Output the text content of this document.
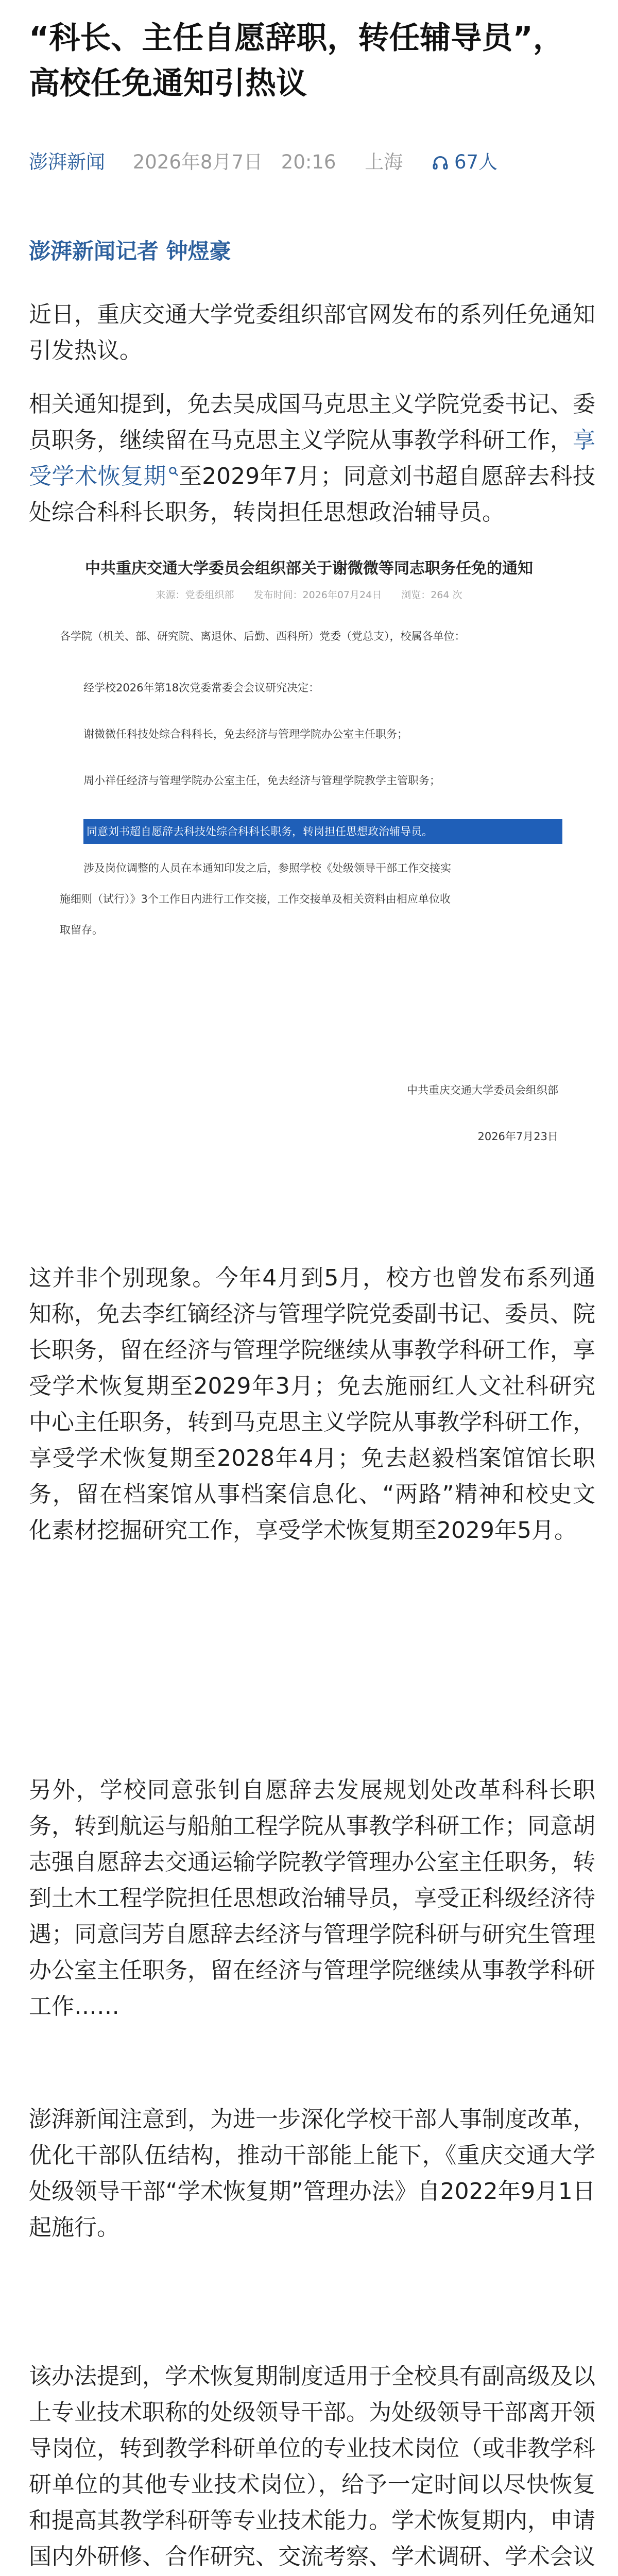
“科长、主任自愿辞职，转任辅导员”，高校任免通知引热议
澎湃新闻 2026年8月7日 20:16 上海	67人
澎湃新闻记者 钟煜豪

近日，重庆交通大学党委组织部官网发布的系列任免通知引发热议。

相关通知提到，免去吴成国马克思主义学院党委书记、委员职务，继续留在马克思主义学院从事教学科研工作，享受学术恢复期 至2029年7月；同意刘书超自愿辞去科技处综合科科长职务，转岗担任思想政治辅导员。

中共重庆交通大学委员会组织部关于谢微微等同志职务任免的通知
来源：党委组织部　　发布时间：2026年07月24日　　浏览：264 次
各学院（机关、部、研究院、离退休、后勤、西科所）党委（党总支），校属各单位：
经学校2026年第18次党委常委会会议研究决定：
谢微微任科技处综合科科长，免去经济与管理学院办公室主任职务；
周小祥任经济与管理学院办公室主任，免去经济与管理学院教学主管职务；
同意刘书超自愿辞去科技处综合科科长职务，转岗担任思想政治辅导员。
涉及岗位调整的人员在本通知印发之后，参照学校《处级领导干部工作交接实
施细则（试行）》3个工作日内进行工作交接，工作交接单及相关资料由相应单位收
取留存。
中共重庆交通大学委员会组织部
2026年7月23日

这并非个别现象。今年4月到5月，校方也曾发布系列通知称，免去李红镝经济与管理学院党委副书记、委员、院长职务，留在经济与管理学院继续从事教学科研工作，享受学术恢复期至2029年3月；免去施丽红人文社科研究中心主任职务，转到马克思主义学院从事教学科研工作，享受学术恢复期至2028年4月；免去赵毅档案馆馆长职务，留在档案馆从事档案信息化、“两路”精神和校史文化素材挖掘研究工作，享受学术恢复期至2029年5月。

另外，学校同意张钊自愿辞去发展规划处改革科科长职务，转到航运与船舶工程学院从事教学科研工作；同意胡志强自愿辞去交通运输学院教学管理办公室主任职务，转到土木工程学院担任思想政治辅导员，享受正科级经济待遇；同意闫芳自愿辞去经济与管理学院科研与研究生管理办公室主任职务，留在经济与管理学院继续从事教学科研工作……

澎湃新闻注意到，为进一步深化学校干部人事制度改革，优化干部队伍结构，推动干部能上能下，《重庆交通大学处级领导干部“学术恢复期”管理办法》自2022年9月1日起施行。

该办法提到，学术恢复期制度适用于全校具有副高级及以上专业技术职称的处级领导干部。为处级领导干部离开领导岗位，转到教学科研单位的专业技术岗位（或非教学科研单位的其他专业技术岗位），给予一定时间以尽快恢复和提高其教学科研等专业技术能力。学术恢复期内，申请国内外研修、合作研究、交流考察、学术调研、学术会议
